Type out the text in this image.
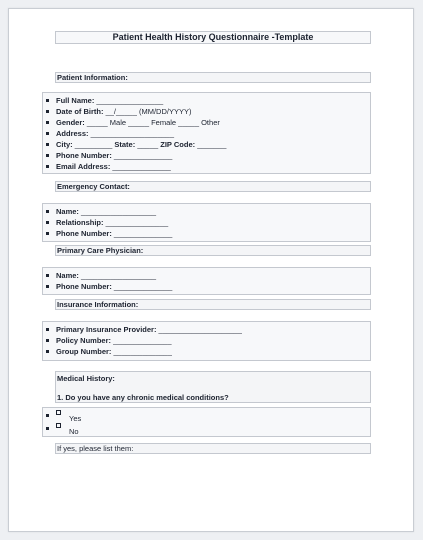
Patient Health History Questionnaire -Template
Patient Information:
Full Name: ________________
Date of Birth: __/_____ (MM/DD/YYYY)
Gender: _____ Male _____ Female _____ Other
Address: ____________________
City: _________ State: _____ ZIP Code: _______
Phone Number: ______________
Email Address: ______________
Emergency Contact:
Name: __________________
Relationship: _______________
Phone Number: ______________
Primary Care Physician:
Name: __________________
Phone Number: ______________
Insurance Information:
Primary Insurance Provider: ____________________
Policy Number: ______________
Group Number: ______________
Medical History:
1. Do you have any chronic medical conditions?
Yes
No
If yes, please list them:
